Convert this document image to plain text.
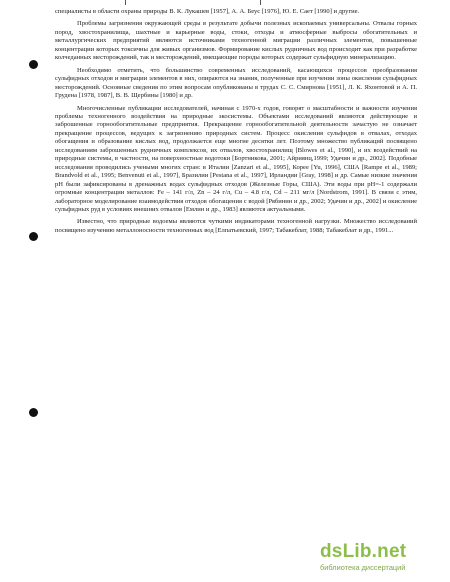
специалисты в области охраны природы В. К. Лукашев [1957], А. А. Беус [1976], Ю. Е. Сает [1990] и другие.

Проблемы загрязнения окружающей среды в результате добычи полезных ископаемых универсальны. Отвалы горных пород, хвостохранилища, шахтные и карьерные воды, стоки, отходы и атмосферные выбросы обогатительных и металлургических предприятий являются источниками техногенной миграции различных элементов, повышенные концентрации которых токсичны для живых организмов. Формирование кислых рудничных вод происходит как при разработке колчеданных месторождений, так и месторождений, вмещающие породы которых содержат сульфидную минерализацию.

Необходимо отметить, что большинство современных исследований, касающихся процессов преобразования сульфидных отходов и миграции элементов в них, опираются на знания, полученные при изучении зоны окисления сульфидных месторождений. Основные сведения по этим вопросам опубликованы в трудах С. С. Смирнова [1951], Л. К. Яхонтовой и А. П. Груденa [1978, 1987], В. В. Щербины [1980] и др.

Многочисленные публикации исследователей, начиная с 1970-х годов, говорят о масштабности и важности изучения проблемы техногенного воздействия на природные экосистемы. Объектами исследований являются действующие и заброшенные горнообогатительные предприятия. Прекращение горнообогатительной деятельности зачастую не означает прекращение процессов, ведущих к загрязнению природных систем. Процесс окисления сульфидов в отвалах, отходах обогащения и образование кислых вод, продолжается еще многие десятки лет. Поэтому множество публикаций посвящено исследованиям заброшенных рудничных комплексов, их отвалов, хвостохранилищ [Blowes et al., 1990], и их воздействий на природные системы, в частности, на поверхностные водотоки [Бортникова, 2001; Айриянц,1999; Удачин и др., 2002]. Подобные исследования проводились учеными многих стран: в Италии [Zanzari et al., 1995], Корее [Yu, 1996], США [Rampe et al., 1989; Brandvold et al., 1995; Benvenuti et al., 1997], Бразилии [Pestana et al., 1997], Ирландии [Gray, 1998] и др. Самые низкие значения рН были зафиксированы в дренажных водах сульфидных отходов (Железные Горы, США). Эти воды при рН=-1 содержали огромные концентрации металлов: Fe – 141 г/л, Zn – 24 г/л, Cu – 4.8 г/л, Cd – 211 мг/л [Nordstrom, 1991]. В связи с этим, лабораторное моделирование взаимодействия отходов обогащения с водой [Рябинин и др., 2002; Удачин и др., 2002] и окисление сульфидных руд в условиях внешних отвалов [Емлин и др., 1983] являются актуальными.

Известно, что природные водоемы являются чуткими индикаторами техногенной нагрузки. Множество исследований посвящено изучению металлоносности техногенных вод [Елпатьевский, 1997; Табакеблат, 1988; Табакеблат и др., 1991...

dsLib.net
библиотека диссертаций
